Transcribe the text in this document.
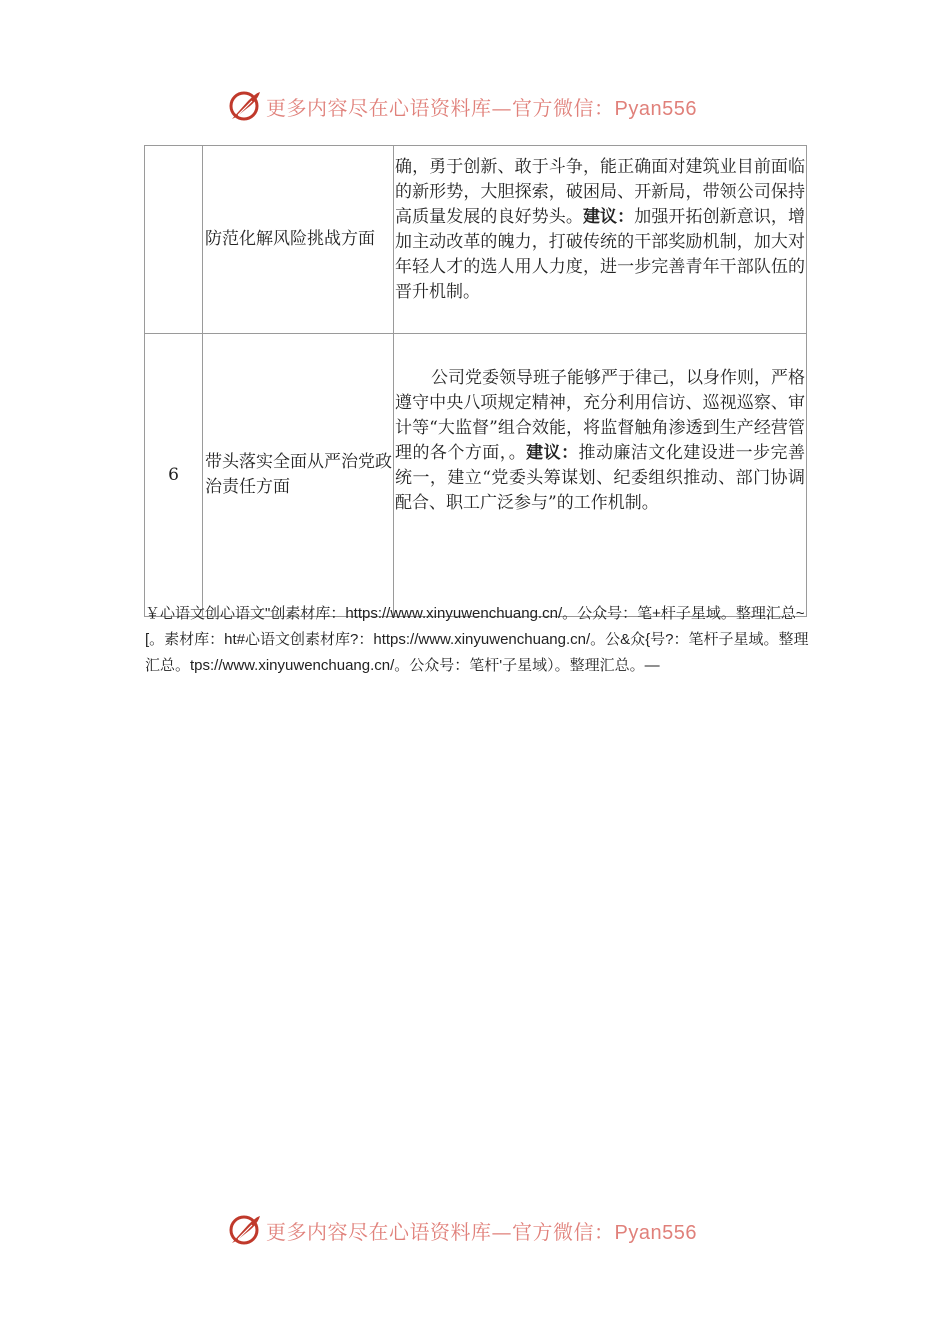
更多内容尽在心语资料库—官方微信：Pyan556
	防范化解风险挑战方面	确，勇于创新、敢于斗争，能正确面对建筑业目前面临的新形势，大胆探索，破困局、开新局，带领公司保持高质量发展的良好势头。建议：加强开拓创新意识，增加主动改革的魄力，打破传统的干部奖励机制，加大对年轻人才的选人用人力度，进一步完善青年干部队伍的晋升机制。
6	带头落实全面从严治党政治责任方面	公司党委领导班子能够严于律己，以身作则，严格遵守中央八项规定精神，充分利用信访、巡视巡察、审计等“大监督”组合效能，将监督触角渗透到生产经营管理的各个方面，。建议：推动廉洁文化建设进一步完善统一，建立“党委头筹谋划、纪委组织推动、部门协调配合、职工广泛参与”的工作机制。
￥心语文创心语文"创素材库：https://www.xinyuwenchuang.cn/。公众号：笔+杆子星域。整理汇总~[。素材库：ht#心语文创素材库?：https://www.xinyuwenchuang.cn/。公&众{号?：笔杆子星域。整理汇总。tps://www.xinyuwenchuang.cn/。公众号：笔杆'子星域）。整理汇总。—
更多内容尽在心语资料库—官方微信：Pyan556
